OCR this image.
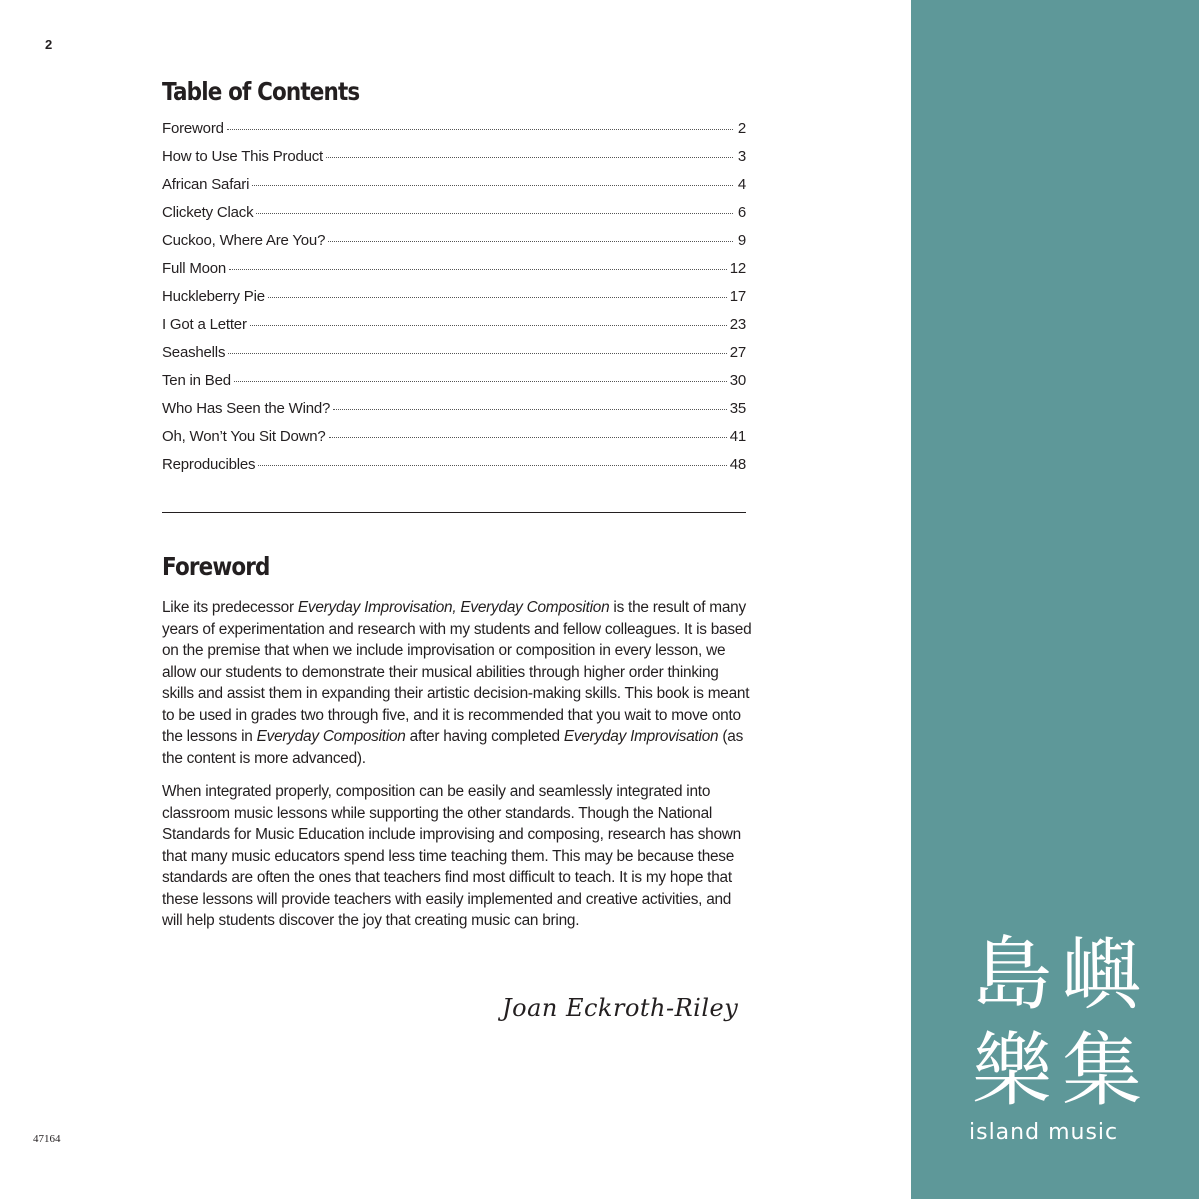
2
Table of Contents
Foreword	2
How to Use This Product	3
African Safari	4
Clickety Clack	6
Cuckoo, Where Are You?	9
Full Moon	12
Huckleberry Pie	17
I Got a Letter	23
Seashells	27
Ten in Bed	30
Who Has Seen the Wind?	35
Oh, Won’t You Sit Down?	41
Reproducibles	48
Foreword

Like its predecessor Everyday Improvisation, Everyday Composition is the result of many years of experimentation and research with my students and fellow colleagues. It is based on the premise that when we include improvisation or composition in every lesson, we allow our students to demonstrate their musical abilities through higher order thinking skills and assist them in expanding their artistic decision-making skills. This book is meant to be used in grades two through five, and it is recommended that you wait to move onto the lessons in Everyday Composition after having completed Everyday Improvisation (as the content is more advanced).

When integrated properly, composition can be easily and seamlessly integrated into classroom music lessons while supporting the other standards. Though the National Standards for Music Education include improvising and composing, research has shown that many music educators spend less time teaching them. This may be because these standards are often the ones that teachers find most difficult to teach. It is my hope that these lessons will provide teachers with easily implemented and creative activities, and will help students discover the joy that creating music can bring.

Joan Eckroth-Riley
47164
島 嶼
樂 集
island music
